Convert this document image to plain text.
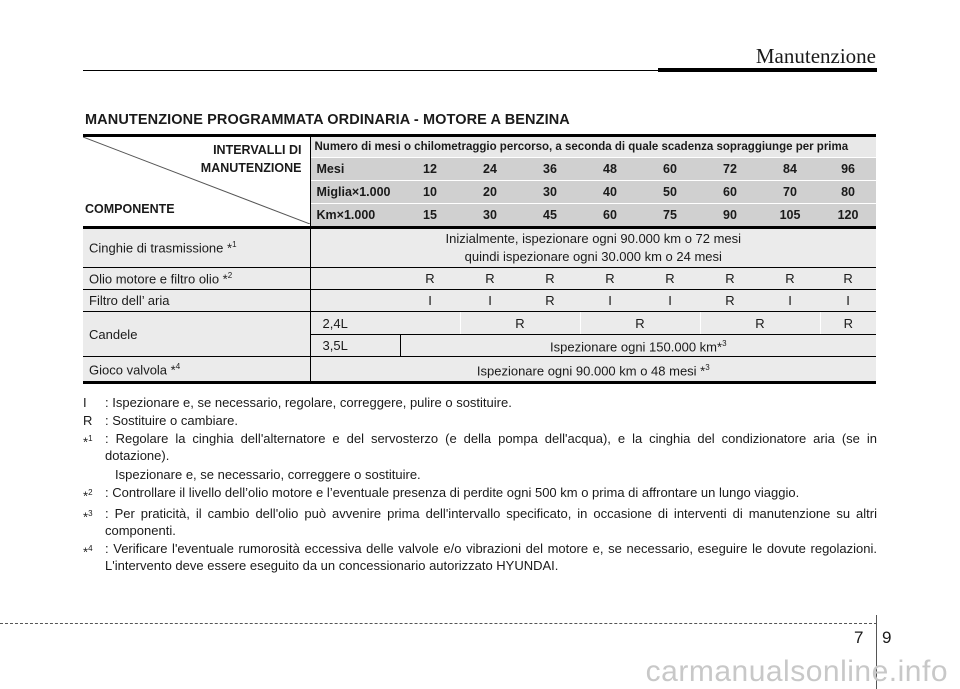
Manutenzione
MANUTENZIONE PROGRAMMATA ORDINARIA - MOTORE A BENZINA
INTERVALLI DI
MANUTENZIONE
COMPONENTE	Numero di mesi o chilometraggio percorso, a seconda di quale scadenza sopraggiunge per prima								
	Mesi	12	24	36	48	60	72	84	96
	Miglia×1.000	10	20	30	40	50	60	70	80
	Km×1.000	15	30	45	60	75	90	105	120
Cinghie di trasmissione *$^1$	Inizialmente, ispezionare ogni 90.000 km o 72 mesi
quindi ispezionare ogni 30.000 km o 24 mesi								

Olio motore e filtro olio *$^2$		R	R	R	R	R	R	R	R
Filtro dell’ aria		I	I	R	I	I	R	I	I
Candele	2,4L		R		R		R		R
	3,5L	Ispezionare ogni 150.000 km*$^3$
Gioco valvola *$^4$	Ispezionare ogni 90.000 km o 48 mesi *$^3$
I	: Ispezionare e, se necessario, regolare, correggere, pulire o sostituire.
R : Sostituire o cambiare.
*$^1$ : Regolare la cinghia dell'alternatore e del servosterzo (e della pompa dell'acqua), e la cinghia del condizionatore aria (se in dotazione).
Ispezionare e, se necessario, correggere o sostituire.
*$^2$ : Controllare il livello dell’olio motore e l’eventuale presenza di perdite ogni 500 km o prima di affrontare un lungo viaggio.
*$^3$ : Per praticità, il cambio dell'olio può avvenire prima dell'intervallo specificato, in occasione di interventi di manutenzione su altri componenti.
*$^4$ : Verificare l'eventuale rumorosità eccessiva delle valvole e/o vibrazioni del motore e, se necessario, eseguire le dovute regolazioni. L'intervento deve essere eseguito da un concessionario autorizzato HYUNDAI.
7 9
carmanualsonline.info
